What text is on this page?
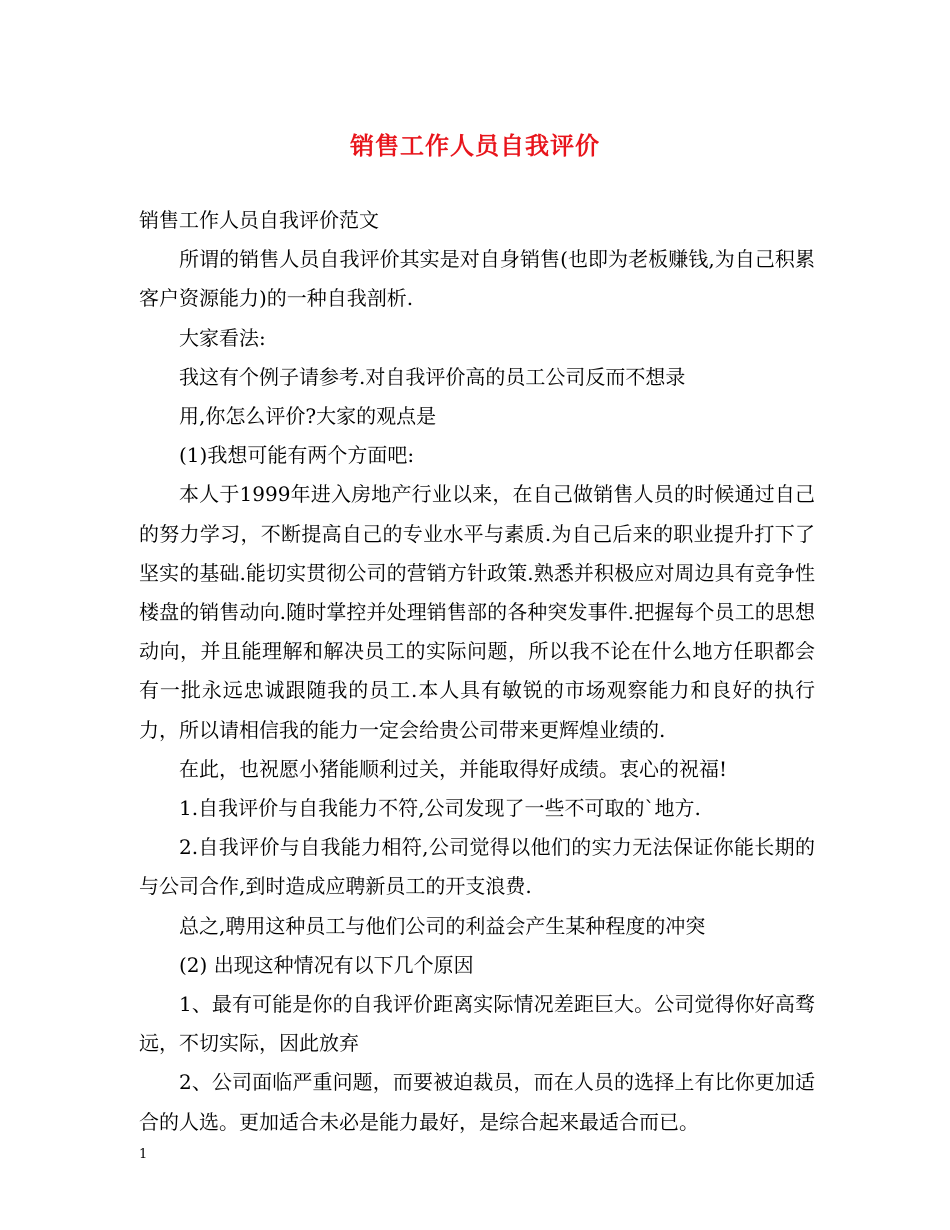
销售工作人员自我评价

销售工作人员自我评价范文

所谓的销售人员自我评价其实是对自身销售(也即为老板赚钱,为自己积累客户资源能力)的一种自我剖析.

大家看法:

我这有个例子请参考.对自我评价高的员工公司反而不想录

用,你怎么评价?大家的观点是

(1)我想可能有两个方面吧:

本人于1999年进入房地产行业以来，在自己做销售人员的时候通过自己的努力学习，不断提高自己的专业水平与素质.为自己后来的职业提升打下了坚实的基础.能切实贯彻公司的营销方针政策.熟悉并积极应对周边具有竞争性楼盘的销售动向.随时掌控并处理销售部的各种突发事件.把握每个员工的思想动向，并且能理解和解决员工的实际问题，所以我不论在什么地方任职都会有一批永远忠诚跟随我的员工.本人具有敏锐的市场观察能力和良好的执行力，所以请相信我的能力一定会给贵公司带来更辉煌业绩的.

在此，也祝愿小猪能顺利过关，并能取得好成绩。衷心的祝福!

1.自我评价与自我能力不符,公司发现了一些不可取的`地方.

2.自我评价与自我能力相符,公司觉得以他们的实力无法保证你能长期的与公司合作,到时造成应聘新员工的开支浪费.

总之,聘用这种员工与他们公司的利益会产生某种程度的冲突

(2) 出现这种情况有以下几个原因

1、最有可能是你的自我评价距离实际情况差距巨大。公司觉得你好高骛远，不切实际，因此放弃

2、公司面临严重问题，而要被迫裁员，而在人员的选择上有比你更加适合的人选。更加适合未必是能力最好，是综合起来最适合而已。

1
